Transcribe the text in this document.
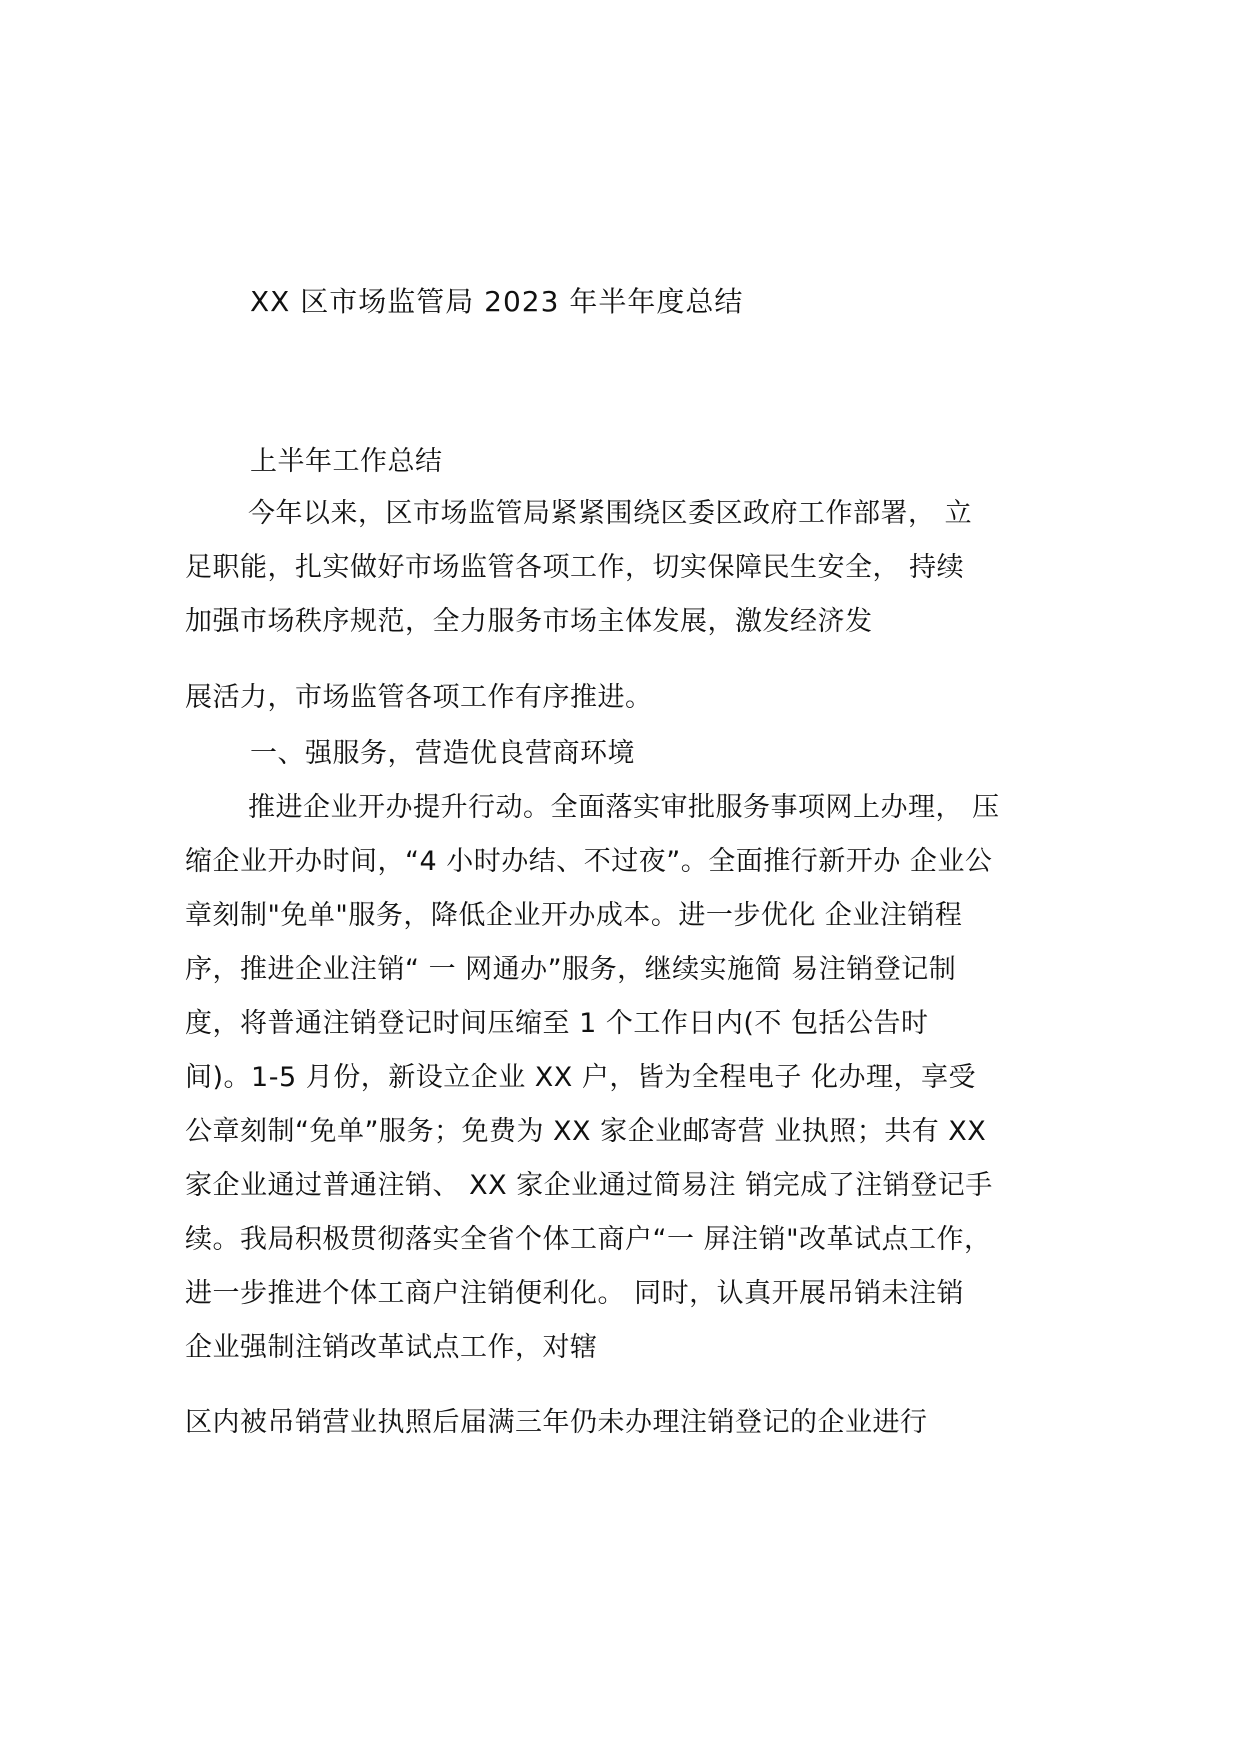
XX 区市场监管局 2023 年半年度总结
上半年工作总结
今年以来，区市场监管局紧紧围绕区委区政府工作部署， 立
足职能，扎实做好市场监管各项工作，切实保障民生安全， 持续
加强市场秩序规范，全力服务市场主体发展，激发经济发
展活力，市场监管各项工作有序推进。
一、强服务，营造优良营商环境
推进企业开办提升行动。全面落实审批服务事项网上办理， 压
缩企业开办时间，“4 小时办结、不过夜”。全面推行新开办 企业公
章刻制"免单"服务，降低企业开办成本。进一步优化 企业注销程
序，推进企业注销“ 一 网通办”服务，继续实施简 易注销登记制
度，将普通注销登记时间压缩至 1 个工作日内(不 包括公告时
间)。1-5 月份，新设立企业 XX 户，皆为全程电子 化办理，享受
公章刻制“免单”服务；免费为 XX 家企业邮寄营 业执照；共有 XX
家企业通过普通注销、 XX 家企业通过简易注 销完成了注销登记手
续。我局积极贯彻落实全省个体工商户“一 屏注销"改革试点工作，
进一步推进个体工商户注销便利化。 同时，认真开展吊销未注销
企业强制注销改革试点工作，对辖
区内被吊销营业执照后届满三年仍未办理注销登记的企业进行
